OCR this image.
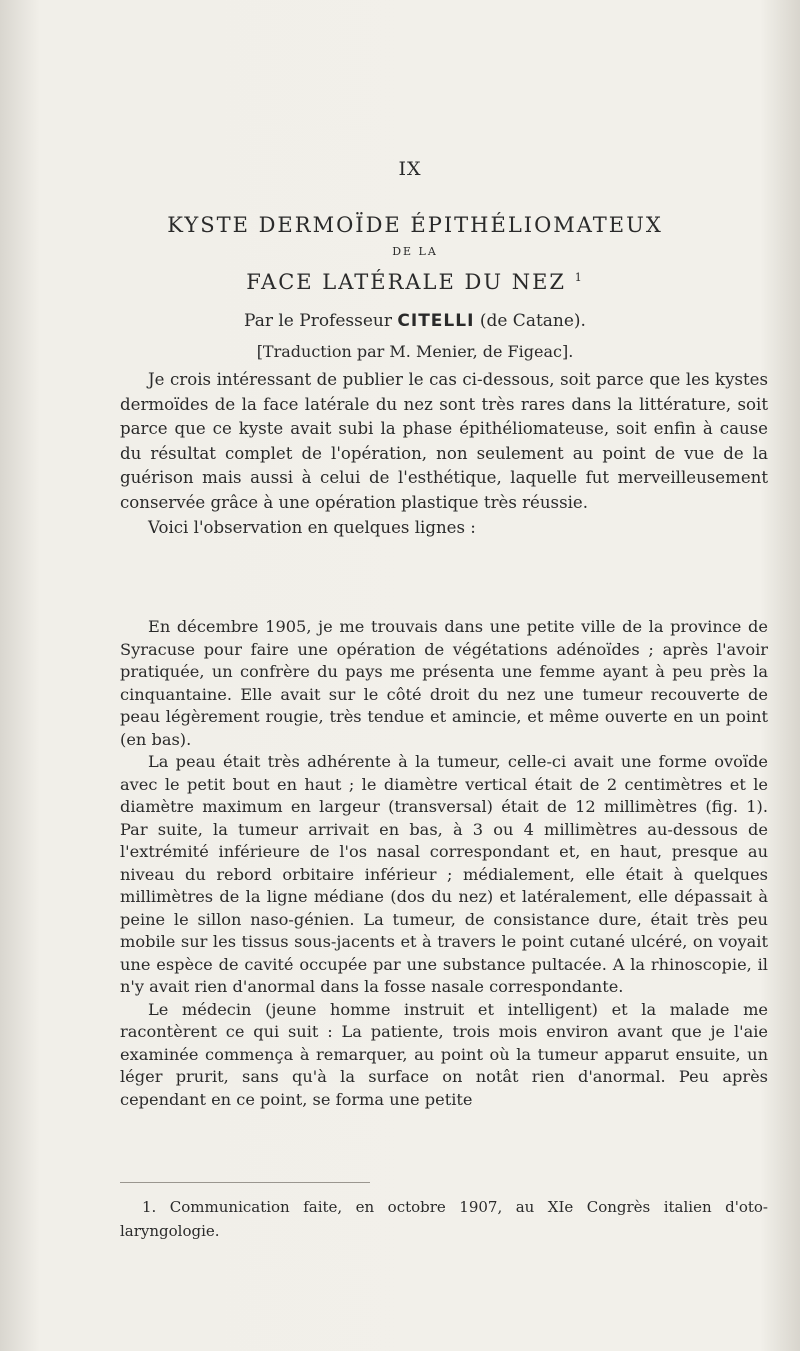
IX
KYSTE DERMOÏDE ÉPITHÉLIOMATEUX
DE LA
FACE LATÉRALE DU NEZ $^1$
Par le Professeur CITELLI (de Catane).
[Traduction par M. Menier, de Figeac].

Je crois intéressant de publier le cas ci-dessous, soit parce que les kystes dermoïdes de la face latérale du nez sont très rares dans la littérature, soit parce que ce kyste avait subi la phase épithéliomateuse, soit enfin à cause du résultat complet de l'opération, non seulement au point de vue de la guérison mais aussi à celui de l'esthétique, laquelle fut merveilleusement conservée grâce à une opération plastique très réussie.

Voici l'observation en quelques lignes :

En décembre 1905, je me trouvais dans une petite ville de la province de Syracuse pour faire une opération de végétations adénoïdes ; après l'avoir pratiquée, un confrère du pays me présenta une femme ayant à peu près la cinquantaine. Elle avait sur le côté droit du nez une tumeur recouverte de peau légèrement rougie, très tendue et amincie, et même ouverte en un point (en bas).

La peau était très adhérente à la tumeur, celle-ci avait une forme ovoïde avec le petit bout en haut ; le diamètre vertical était de 2 centimètres et le diamètre maximum en largeur (transversal) était de 12 millimètres (fig. 1). Par suite, la tumeur arrivait en bas, à 3 ou 4 millimètres au-dessous de l'extrémité inférieure de l'os nasal correspondant et, en haut, presque au niveau du rebord orbitaire inférieur ; médialement, elle était à quelques millimètres de la ligne médiane (dos du nez) et latéralement, elle dépassait à peine le sillon naso-génien. La tumeur, de consistance dure, était très peu mobile sur les tissus sous-jacents et à travers le point cutané ulcéré, on voyait une espèce de cavité occupée par une substance pultacée. A la rhinoscopie, il n'y avait rien d'anormal dans la fosse nasale correspondante.

Le médecin (jeune homme instruit et intelligent) et la malade me racontèrent ce qui suit : La patiente, trois mois environ avant que je l'aie examinée commença à remarquer, au point où la tumeur apparut ensuite, un léger prurit, sans qu'à la surface on notât rien d'anormal. Peu après cependant en ce point, se forma une petite

1. Communication faite, en octobre 1907, au XIe Congrès italien d'oto-laryngologie.
